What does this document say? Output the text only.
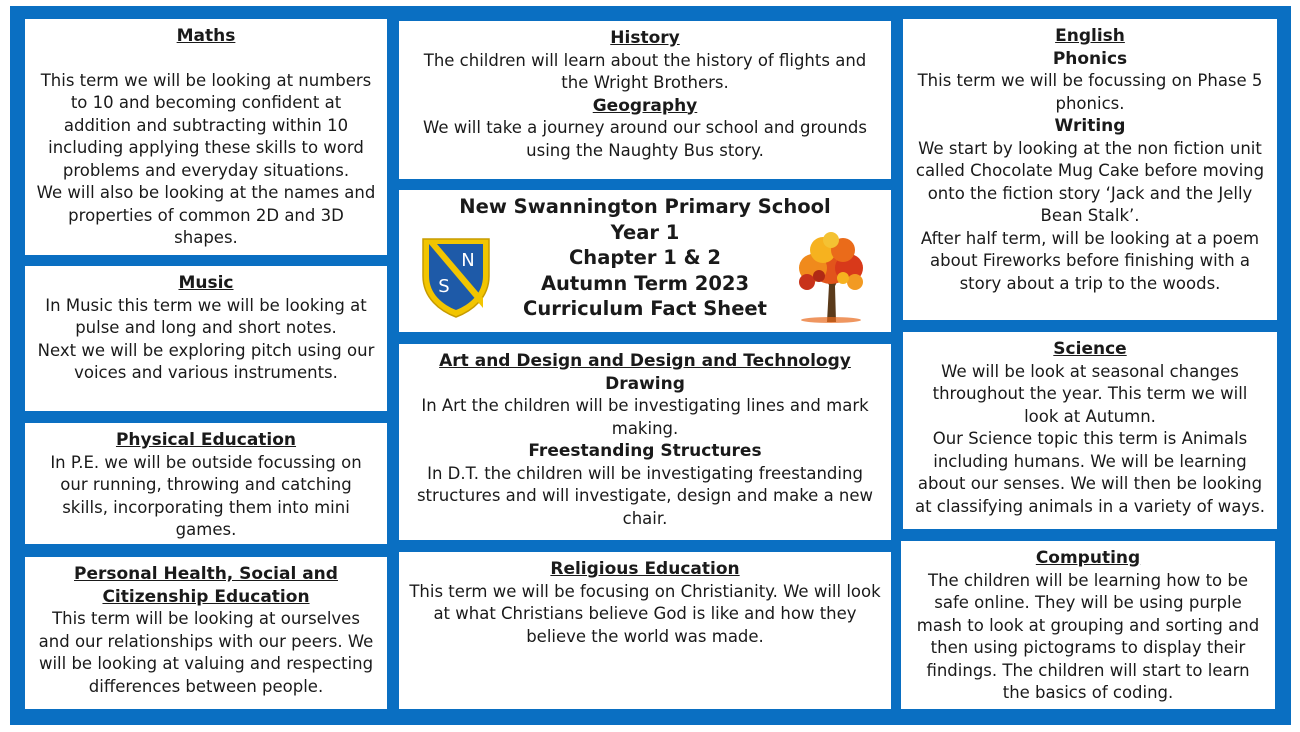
Maths

This term we will be looking at numbers to 10 and becoming confident at addition and subtracting within 10 including applying these skills to word problems and everyday situations.

We will also be looking at the names and properties of common 2D and 3D shapes.

Music

In Music this term we will be looking at pulse and long and short notes.

Next we will be exploring pitch using our voices and various instruments.

Physical Education

In P.E. we will be outside focussing on our running, throwing and catching skills, incorporating them into mini games.

Personal Health, Social and Citizenship Education

This term will be looking at ourselves and our relationships with our peers. We will be looking at valuing and respecting differences between people.

History

The children will learn about the history of flights and the Wright Brothers.

Geography

We will take a journey around our school and grounds using the Naughty Bus story.

New Swannington Primary School
Year 1
Chapter 1 & 2
Autumn Term 2023
Curriculum Fact Sheet
N
S
Art and Design and Design and Technology
Drawing

In Art the children will be investigating lines and mark making.

Freestanding Structures

In D.T. the children will be investigating freestanding structures and will investigate, design and make a new chair.

Religious Education

This term we will be focusing on Christianity. We will look at what Christians believe God is like and how they believe the world was made.

English
Phonics

This term we will be focussing on Phase 5 phonics.

Writing

We start by looking at the non fiction unit called Chocolate Mug Cake before moving onto the fiction story ‘Jack and the Jelly Bean Stalk’.

After half term, will be looking at a poem about Fireworks before finishing with a story about a trip to the woods.

Science

We will be look at seasonal changes throughout the year. This term we will look at Autumn.

Our Science topic this term is Animals including humans. We will be learning about our senses. We will then be looking at classifying animals in a variety of ways.

Computing

The children will be learning how to be safe online. They will be using purple mash to look at grouping and sorting and then using pictograms to display their findings. The children will start to learn the basics of coding.
